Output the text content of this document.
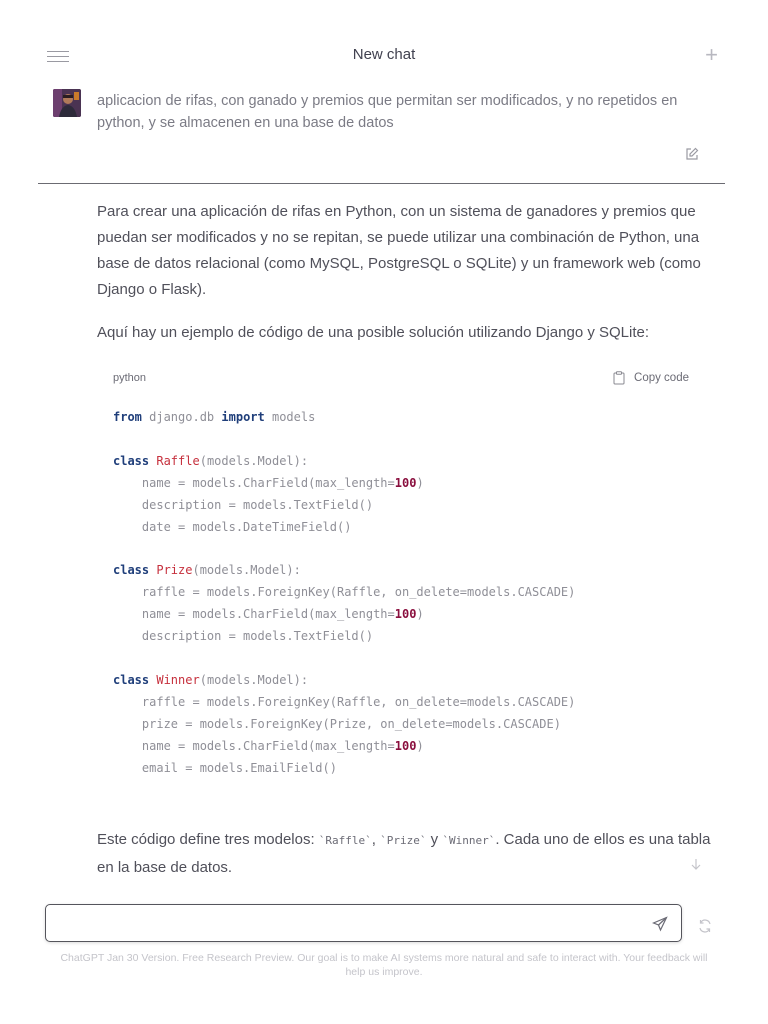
New chat	+
aplicacion de rifas, con ganado y premios que permitan ser modificados, y no repetidos en python, y se almacenen en una base de datos

Para crear una aplicación de rifas en Python, con un sistema de ganadores y premios que puedan ser modificados y no se repitan, se puede utilizar una combinación de Python, una base de datos relacional (como MySQL, PostgreSQL o SQLite) y un framework web (como Django o Flask).

Aquí hay un ejemplo de código de una posible solución utilizando Django y SQLite:

python	Copy code
from django.db import models

class Raffle(models.Model):
name = models.CharField(max_length=100)
description = models.TextField()
date = models.DateTimeField()

class Prize(models.Model):
raffle = models.ForeignKey(Raffle, on_delete=models.CASCADE)
name = models.CharField(max_length=100)
description = models.TextField()

class Winner(models.Model):
raffle = models.ForeignKey(Raffle, on_delete=models.CASCADE)
prize = models.ForeignKey(Prize, on_delete=models.CASCADE)
name = models.CharField(max_length=100)
email = models.EmailField()

Este código define tres modelos: `Raffle`, `Prize` y `Winner`. Cada uno de ellos es una tabla en la base de datos.

ChatGPT Jan 30 Version. Free Research Preview. Our goal is to make AI systems more natural and safe to interact with. Your feedback will help us improve.
